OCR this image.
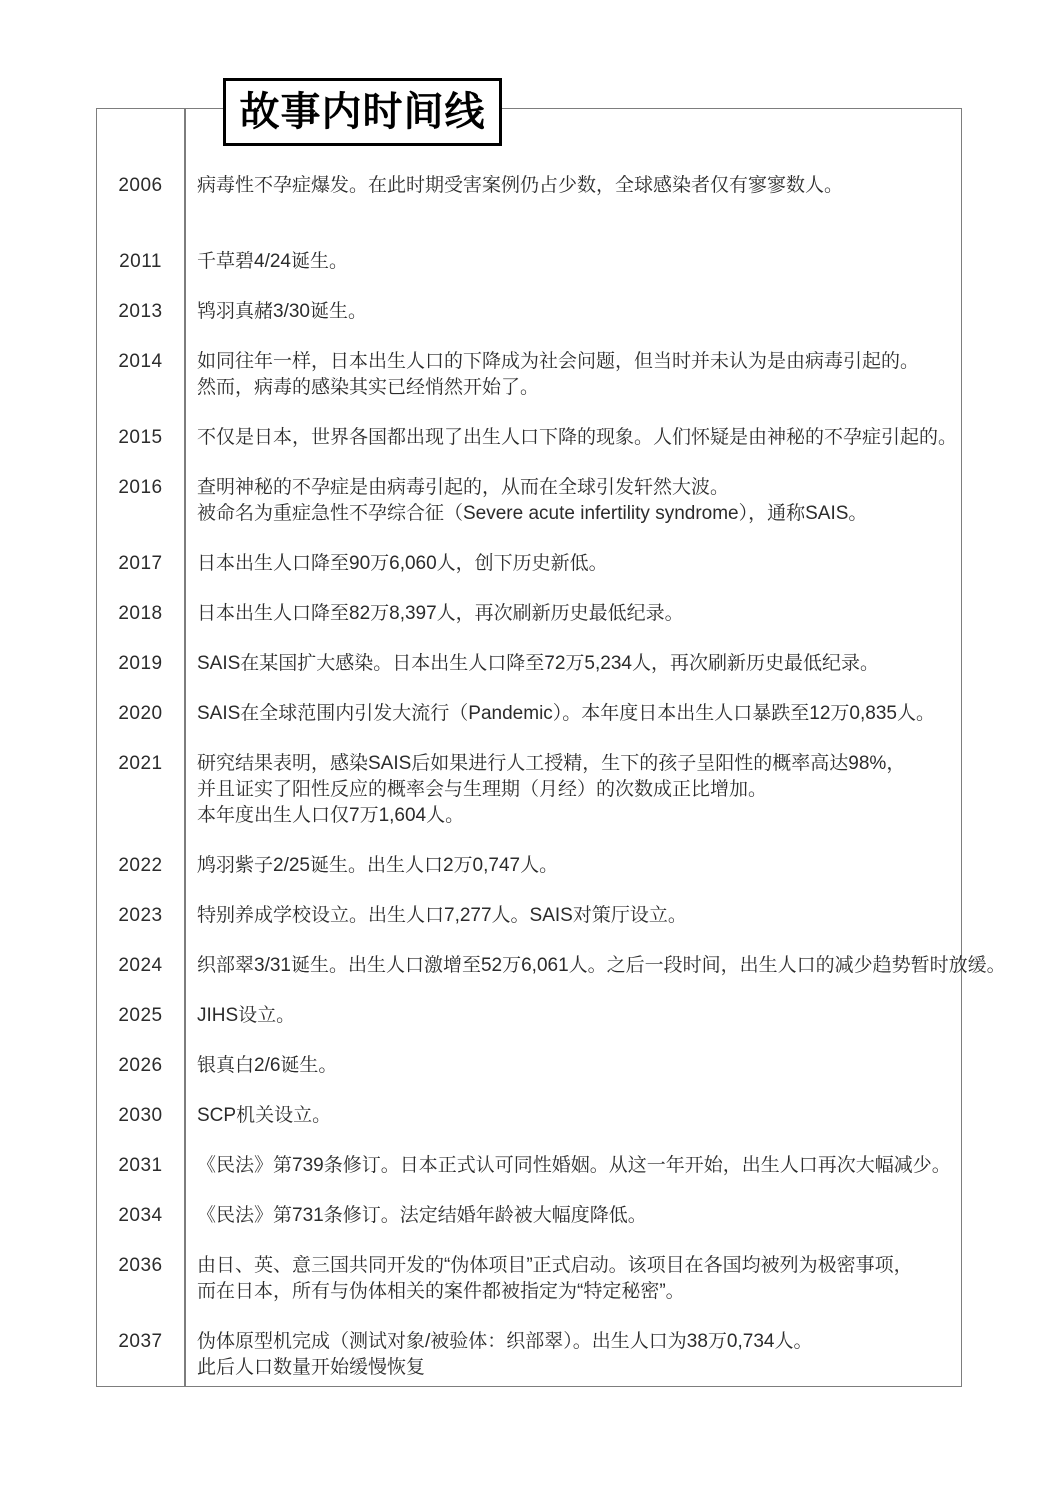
2006	病毒性不孕症爆发。在此时期受害案例仍占少数，全球感染者仅有寥寥数人。
2011	千草碧4/24诞生。
2013	鸨羽真赭3/30诞生。
2014	如同往年一样，日本出生人口的下降成为社会问题，但当时并未认为是由病毒引起的。
然而，病毒的感染其实已经悄然开始了。
2015	不仅是日本，世界各国都出现了出生人口下降的现象。人们怀疑是由神秘的不孕症引起的。
2016	查明神秘的不孕症是由病毒引起的，从而在全球引发轩然大波。
被命名为重症急性不孕综合征（Severe acute infertility syndrome），通称SAIS。
2017	日本出生人口降至90万6,060人，创下历史新低。
2018	日本出生人口降至82万8,397人，再次刷新历史最低纪录。
2019	SAIS在某国扩大感染。日本出生人口降至72万5,234人，再次刷新历史最低纪录。
2020	SAIS在全球范围内引发大流行（Pandemic）。本年度日本出生人口暴跌至12万0,835人。
2021	研究结果表明，感染SAIS后如果进行人工授精，生下的孩子呈阳性的概率高达98%，
并且证实了阳性反应的概率会与生理期（月经）的次数成正比增加。
本年度出生人口仅7万1,604人。
2022	鸠羽紫子2/25诞生。出生人口2万0,747人。
2023	特别养成学校设立。出生人口7,277人。SAIS对策厅设立。
2024	织部翠3/31诞生。出生人口激增至52万6,061人。之后一段时间，出生人口的减少趋势暂时放缓。
2025	JIHS设立。
2026	银真白2/6诞生。
2030	SCP机关设立。
2031	《民法》第739条修订。日本正式认可同性婚姻。从这一年开始，出生人口再次大幅减少。
2034	《民法》第731条修订。法定结婚年龄被大幅度降低。
2036	由日、英、意三国共同开发的“伪体项目”正式启动。该项目在各国均被列为极密事项，
而在日本，所有与伪体相关的案件都被指定为“特定秘密”。
2037	伪体原型机完成（测试对象/被验体：织部翠）。出生人口为38万0,734人。
此后人口数量开始缓慢恢复
故事内时间线
